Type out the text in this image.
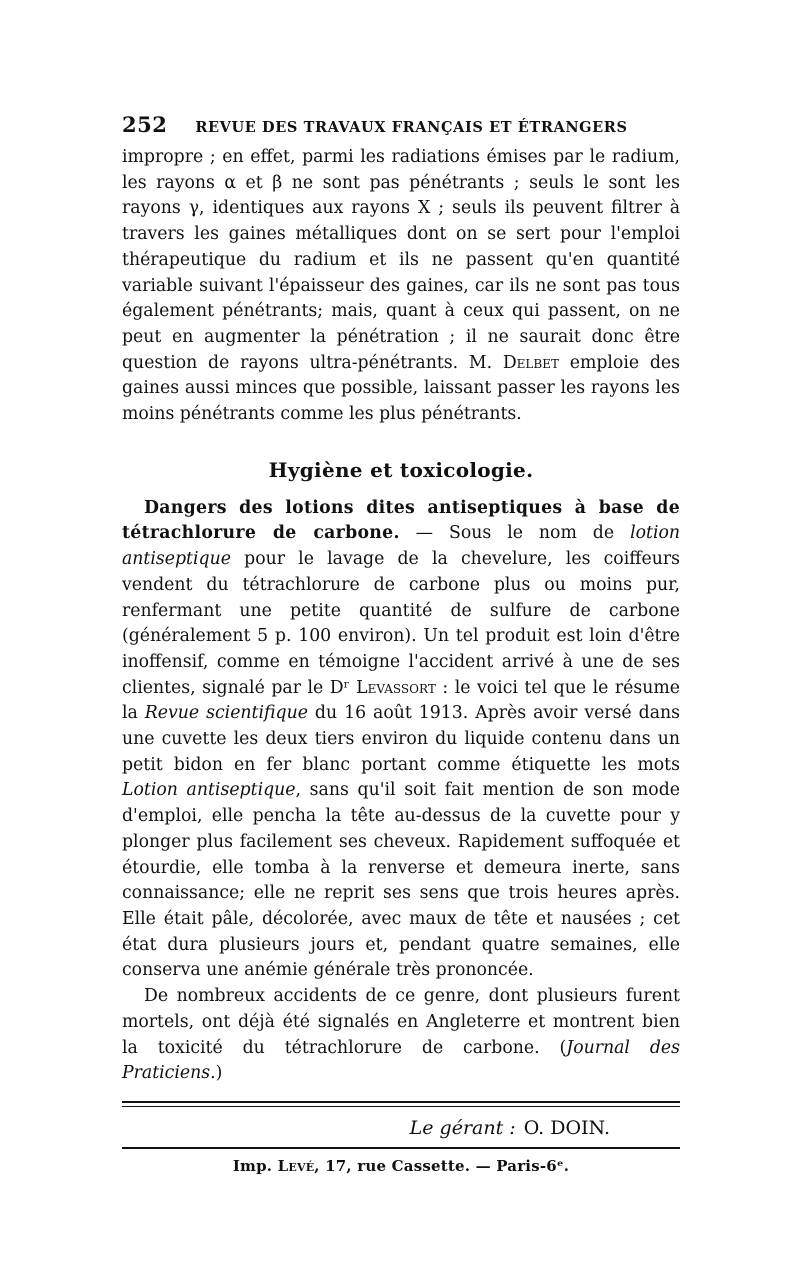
252 REVUE DES TRAVAUX FRANÇAIS ET ÉTRANGERS

impropre ; en effet, parmi les radiations émises par le radium, les rayons α et β ne sont pas pénétrants ; seuls le sont les rayons γ, identiques aux rayons X ; seuls ils peuvent filtrer à travers les gaines métalliques dont on se sert pour l'emploi thérapeutique du radium et ils ne passent qu'en quantité variable suivant l'épaisseur des gaines, car ils ne sont pas tous également pénétrants; mais, quant à ceux qui passent, on ne peut en augmenter la pénétration ; il ne saurait donc être question de rayons ultra-pénétrants. M. Delbet emploie des gaines aussi minces que possible, laissant passer les rayons les moins pénétrants comme les plus pénétrants.

Hygiène et toxicologie.

Dangers des lotions dites antiseptiques à base de tétrachlorure de carbone. — Sous le nom de lotion antiseptique pour le lavage de la chevelure, les coiffeurs vendent du tétrachlorure de carbone plus ou moins pur, renfermant une petite quantité de sulfure de carbone (généralement 5 p. 100 environ). Un tel produit est loin d'être inoffensif, comme en témoigne l'accident arrivé à une de ses clientes, signalé par le Dʳ Levassort : le voici tel que le résume la Revue scientifique du 16 août 1913. Après avoir versé dans une cuvette les deux tiers environ du liquide contenu dans un petit bidon en fer blanc portant comme étiquette les mots Lotion antiseptique, sans qu'il soit fait mention de son mode d'emploi, elle pencha la tête au-dessus de la cuvette pour y plonger plus facilement ses cheveux. Rapidement suffoquée et étourdie, elle tomba à la renverse et demeura inerte, sans connaissance; elle ne reprit ses sens que trois heures après. Elle était pâle, décolorée, avec maux de tête et nausées ; cet état dura plusieurs jours et, pendant quatre semaines, elle conserva une anémie générale très prononcée.

De nombreux accidents de ce genre, dont plusieurs furent mortels, ont déjà été signalés en Angleterre et montrent bien la toxicité du tétrachlorure de carbone. (Journal des Praticiens.)

Le gérant : O. DOIN.
Imp. Levé, 17, rue Cassette. — Paris-6ᵉ.
